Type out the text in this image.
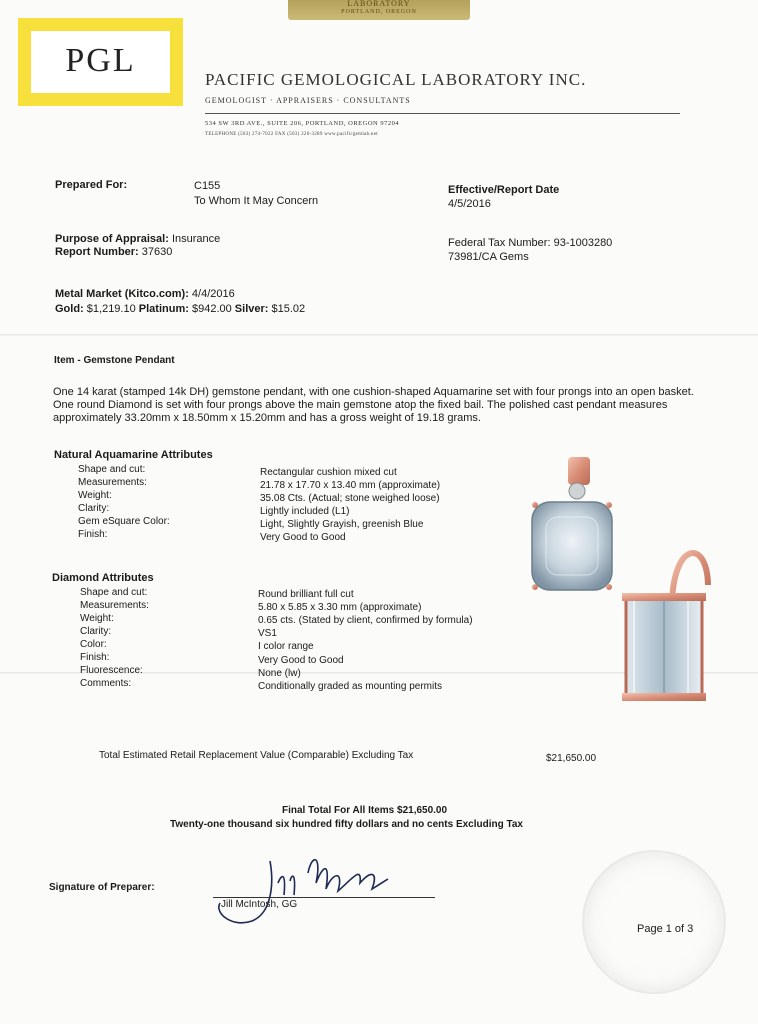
LABORATORY
PORTLAND, OREGON
PGL
PACIFIC GEMOLOGICAL LABORATORY INC.
GEMOLOGIST · APPRAISERS · CONSULTANTS
534 SW 3RD AVE., SUITE 206, PORTLAND, OREGON 97204
TELEPHONE (503) 274-7022 FAX (503) 226-3289 www.pacificgemlab.net
Prepared For:	C155
To Whom It May Concern
Effective/Report Date
4/5/2016
Purpose of Appraisal: Insurance
Report Number: 37630
Federal Tax Number: 93-1003280
73981/CA Gems
Metal Market (Kitco.com): 4/4/2016
Gold: $1,219.10 Platinum: $942.00 Silver: $15.02
Item - Gemstone Pendant
One 14 karat (stamped 14k DH) gemstone pendant, with one cushion-shaped Aquamarine set with four prongs into an open basket. One round Diamond is set with four prongs above the main gemstone atop the fixed bail. The polished cast pendant measures approximately 33.20mm x 18.50mm x 15.20mm and has a gross weight of 19.18 grams.
Natural Aquamarine Attributes
Shape and cut:	Rectangular cushion mixed cut
Measurements:	21.78 x 17.70 x 13.40 mm (approximate)
Weight:	35.08 Cts. (Actual; stone weighed loose)
Clarity:	Lightly included (L1)
Gem eSquare Color:	Light, Slightly Grayish, greenish Blue
Finish:	Very Good to Good
Diamond Attributes
Shape and cut:	Round brilliant full cut
Measurements:	5.80 x 5.85 x 3.30 mm (approximate)
Weight:	0.65 cts. (Stated by client, confirmed by formula)
Clarity:	VS1
Color:	I color range
Finish:	Very Good to Good
Fluorescence:	None (lw)
Comments:	Conditionally graded as mounting permits
Total Estimated Retail Replacement Value (Comparable) Excluding Tax	$21,650.00
Final Total For All Items $21,650.00
Twenty-one thousand six hundred fifty dollars and no cents Excluding Tax
Signature of Preparer:
Jill McIntosh, GG
Page 1 of 3
